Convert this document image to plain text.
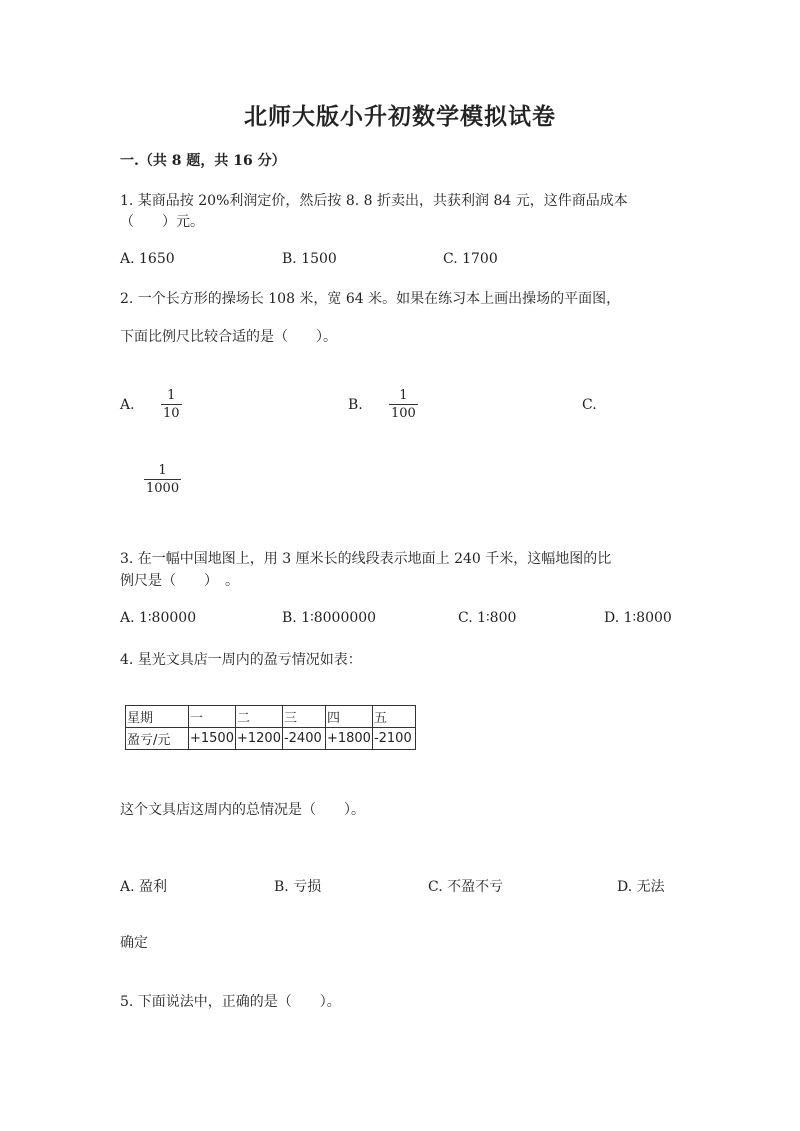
北师大版小升初数学模拟试卷
一.（共 8 题，共 16 分）
1. 某商品按 20%利润定价，然后按 8. 8 折卖出，共获利润 84 元，这件商品成本
（　　）元。
A. 1650	B. 1500	C. 1700
2. 一个长方形的操场长 108 米，宽 64 米。如果在练习本上画出操场的平面图，
下面比例尺比较合适的是（　　）。
A.
1
10
B.
1
100
C.
1
1000
3. 在一幅中国地图上，用 3 厘米长的线段表示地面上 240 千米，这幅地图的比
例尺是（　　）　。
A. 1∶80000	B. 1∶8000000	C. 1∶800	D. 1∶8000
4. 星光文具店一周内的盈亏情况如表：
星期	一	二	三	四	五
盈亏/元	+1500	+1200	-2400	+1800	-2100
这个文具店这周内的总情况是（　　）。
A. 盈利	B. 亏损	C. 不盈不亏	D. 无法
确定
5. 下面说法中，正确的是（　　）。
